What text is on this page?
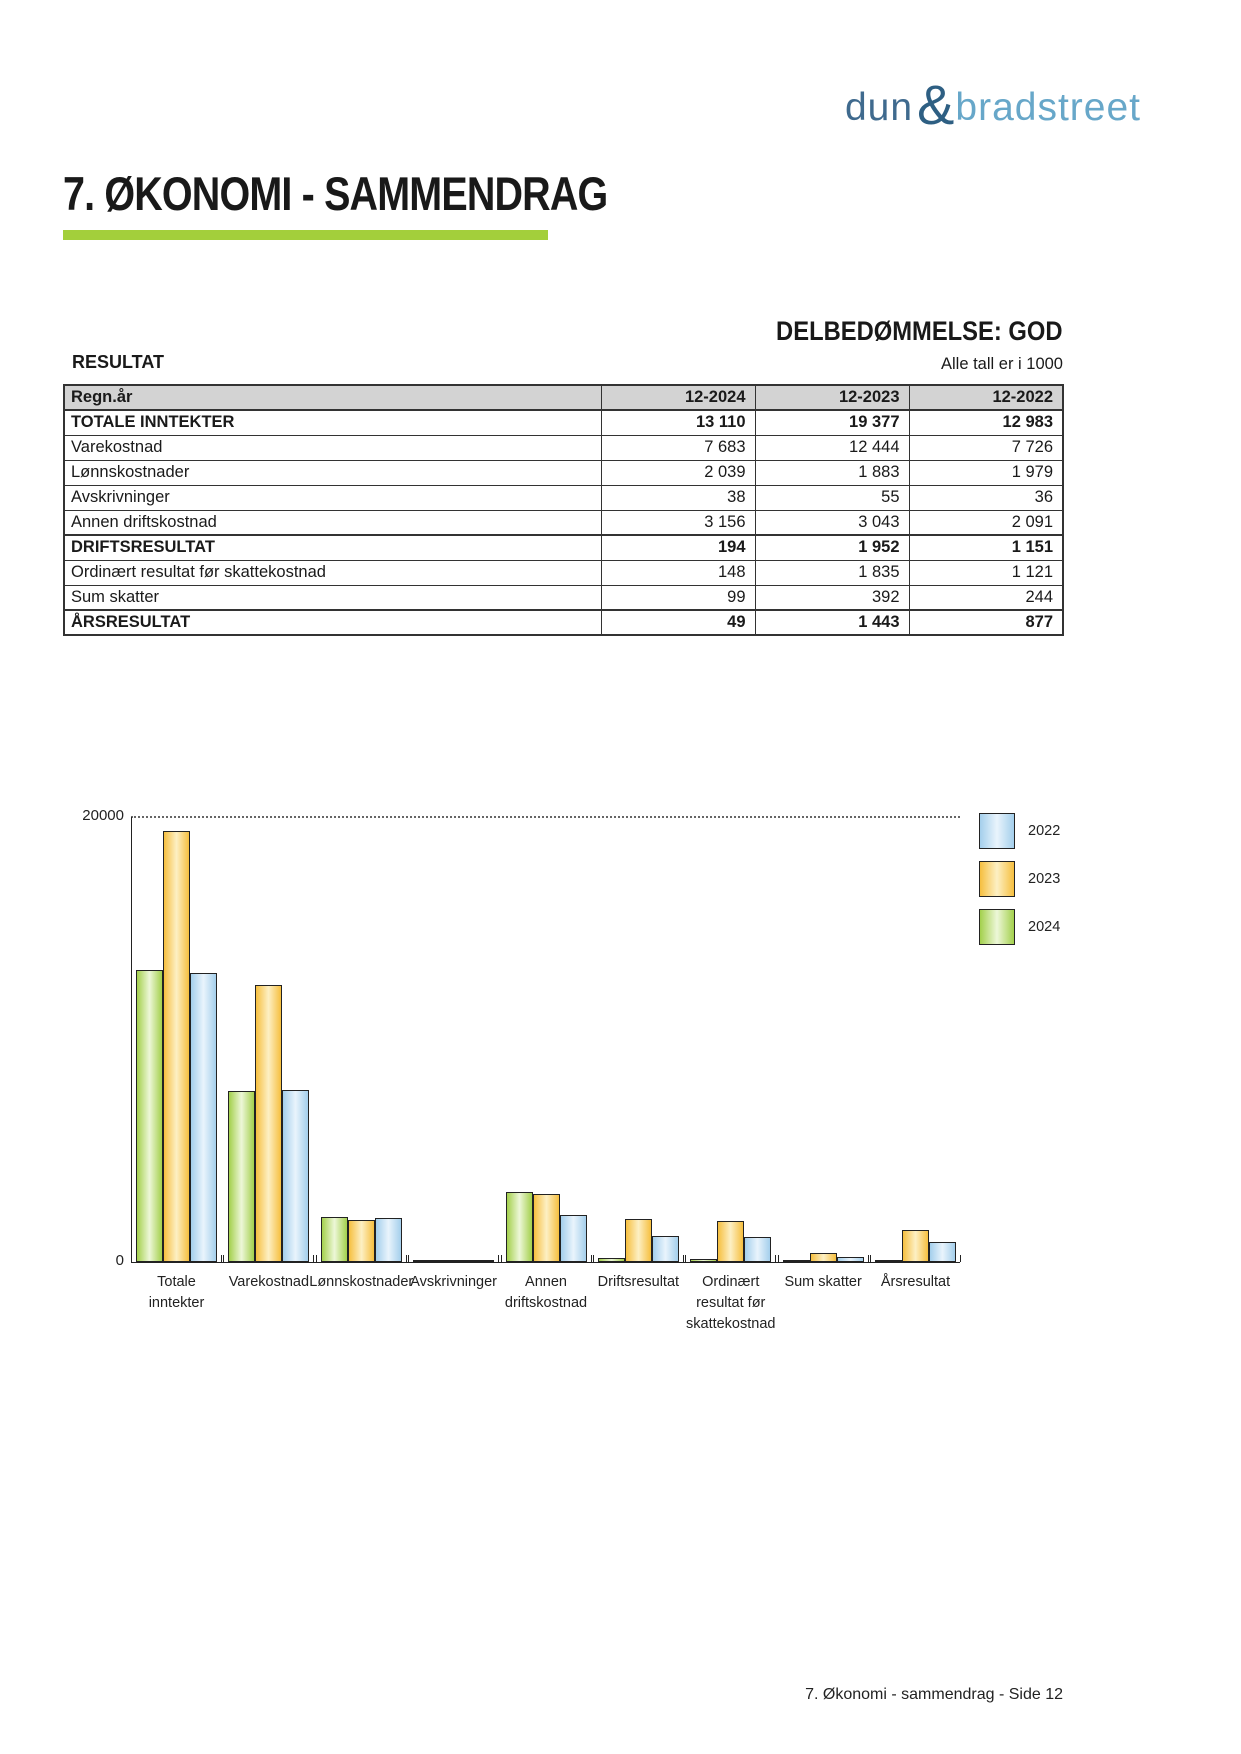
dun & bradstreet
7. ØKONOMI - SAMMENDRAG
DELBEDØMMELSE: GOD
RESULTAT	Alle tall er i 1000
Regn.år	12-2024	12-2023	12-2022
TOTALE INNTEKTER	13 110	19 377	12 983
Varekostnad	7 683	12 444	7 726
Lønnskostnader	2 039	1 883	1 979
Avskrivninger	38	55	36
Annen driftskostnad	3 156	3 043	2 091
DRIFTSRESULTAT	194	1 952	1 151
Ordinært resultat før skattekostnad	148	1 835	1 121
Sum skatter	99	392	244
ÅRSRESULTAT	49	1 443	877
20000
0
Totale
inntekter
Varekostnad Lønnskostnader
Avskrivninger	Annen
driftskostnad
Driftsresultat	Ordinært
resultat før
skattekostnad
Sum skatter	Årsresultat
2022
2023
2024
7. Økonomi - sammendrag - Side 12
